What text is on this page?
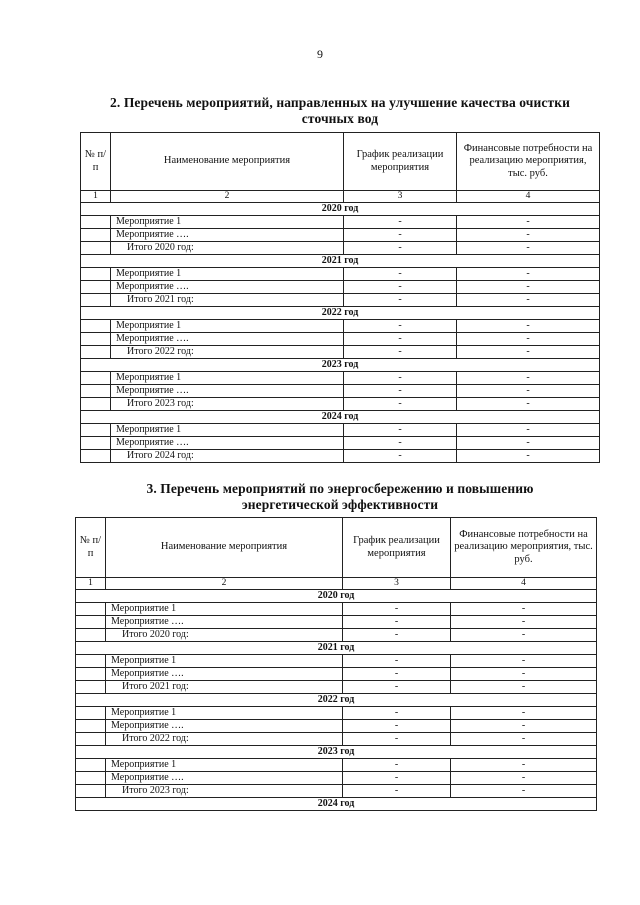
9
2. Перечень мероприятий, направленных на улучшение качества очистки
сточных вод
№ п/п	Наименование мероприятия	График реализации мероприятия	Финансовые потребности на реализацию мероприятия, тыс. руб.
1	2	3	4
2020 год			
	Мероприятие 1	-	-
	Мероприятие ….	-	-
	Итого 2020 год:	-	-
2021 год			
	Мероприятие 1	-	-
	Мероприятие ….	-	-
	Итого 2021 год:	-	-
2022 год			
	Мероприятие 1	-	-
	Мероприятие ….	-	-
	Итого 2022 год:	-	-
2023 год			
	Мероприятие 1	-	-
	Мероприятие ….	-	-
	Итого 2023 год:	-	-
2024 год			
	Мероприятие 1	-	-
	Мероприятие ….	-	-
	Итого 2024 год:	-	-
3. Перечень мероприятий по энергосбережению и повышению
энергетической эффективности
№ п/п	Наименование мероприятия	График реализации мероприятия	Финансовые потребности на реализацию мероприятия, тыс. руб.
1	2	3	4
2020 год			
	Мероприятие 1	-	-
	Мероприятие ….	-	-
	Итого 2020 год:	-	-
2021 год			
	Мероприятие 1	-	-
	Мероприятие ….	-	-
	Итого 2021 год:	-	-
2022 год			
	Мероприятие 1	-	-
	Мероприятие ….	-	-
	Итого 2022 год:	-	-
2023 год			
	Мероприятие 1	-	-
	Мероприятие ….	-	-
	Итого 2023 год:	-	-
2024 год			
